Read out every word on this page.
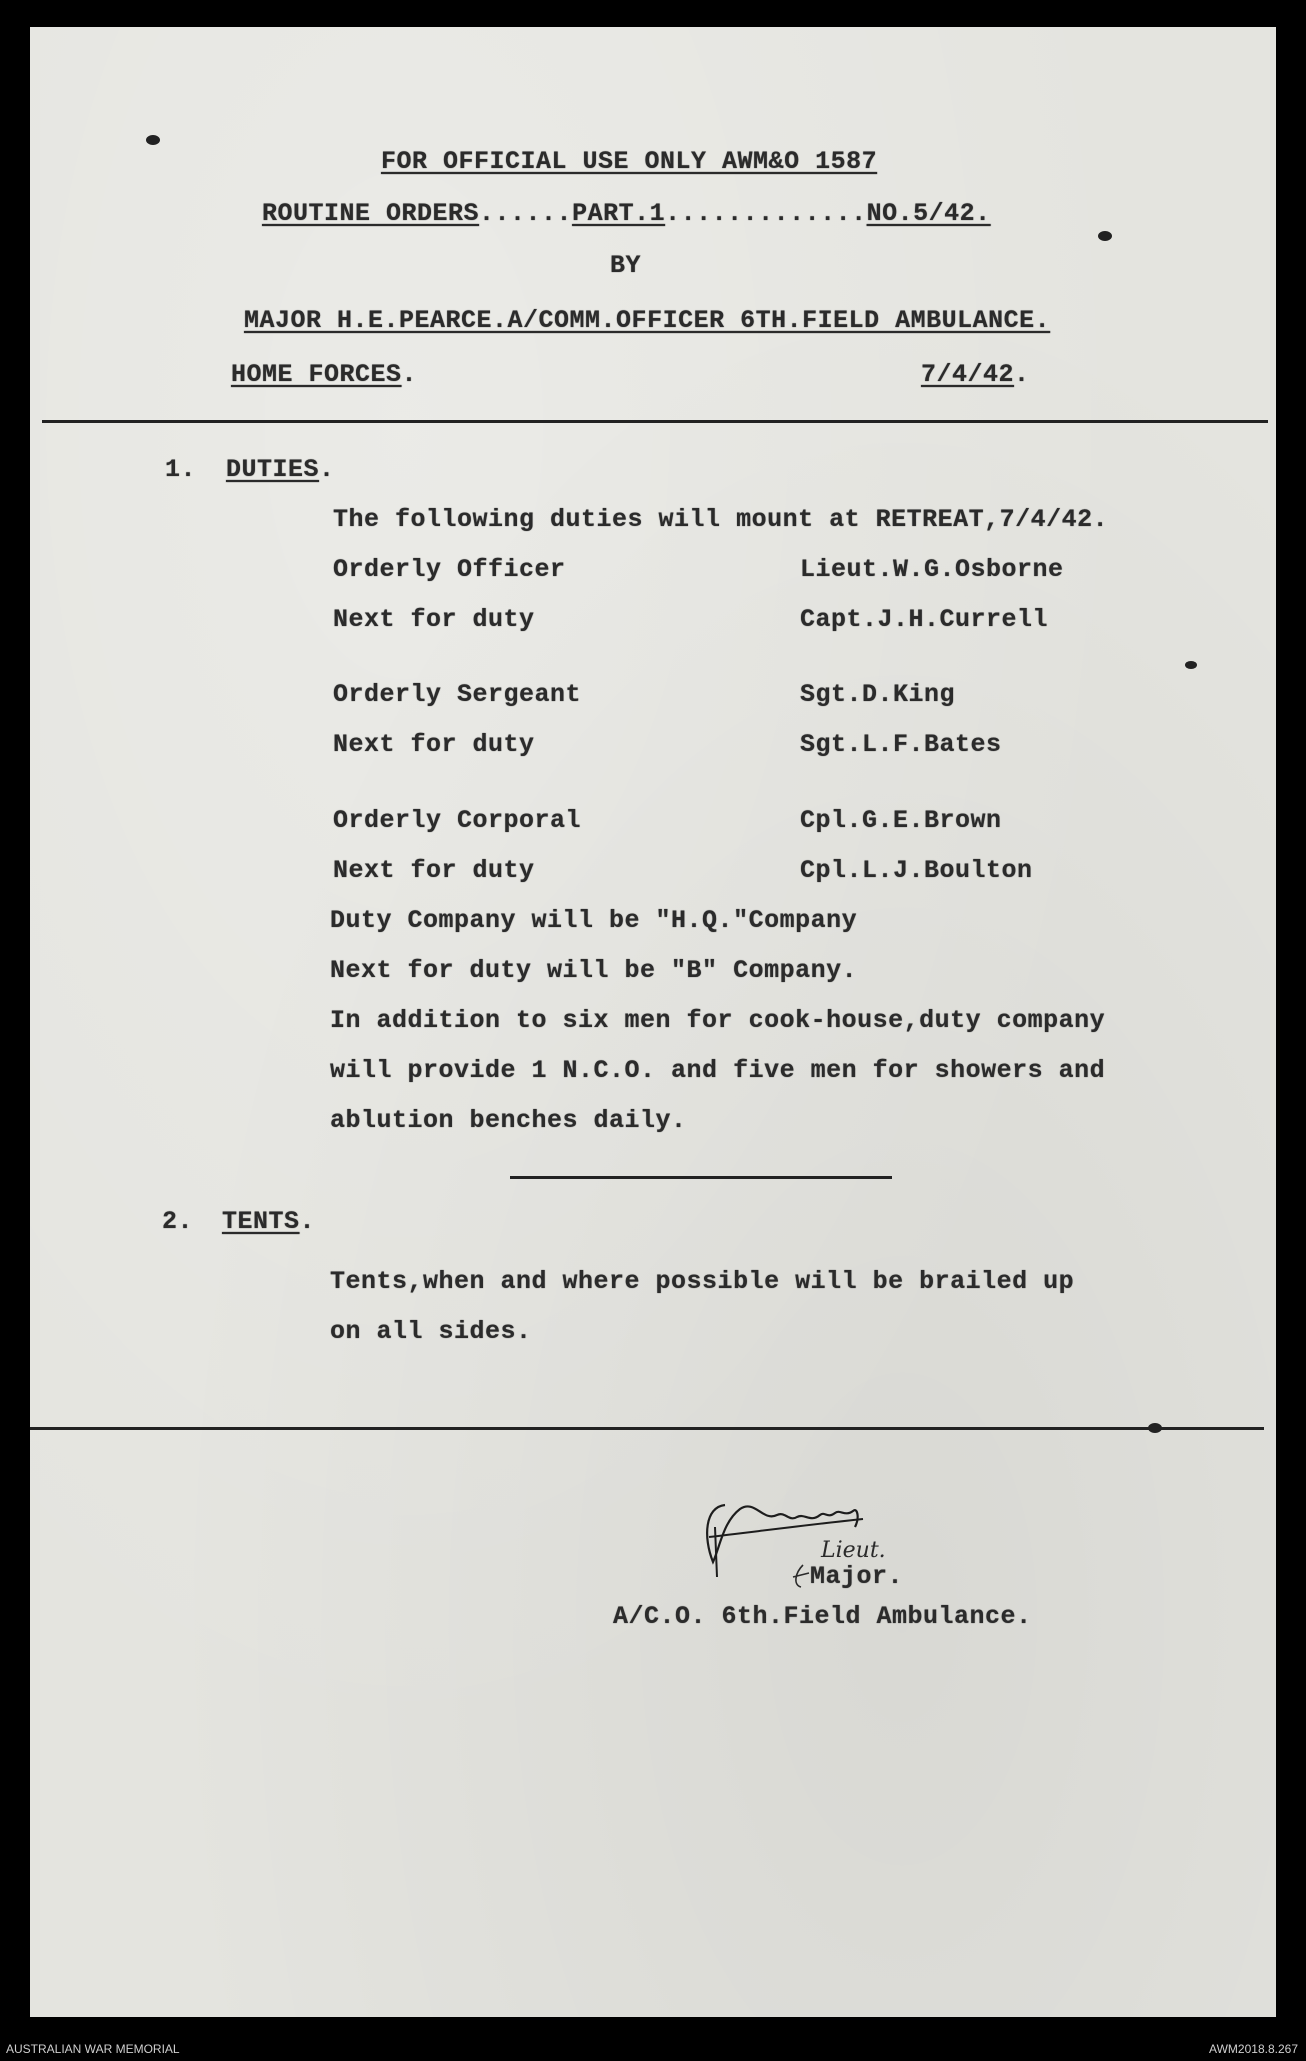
FOR OFFICIAL USE ONLY AWM&O 1587
ROUTINE ORDERS......PART.1.............NO.5/42.
BY
MAJOR H.E.PEARCE.A/COMM.OFFICER 6TH.FIELD AMBULANCE.
HOME FORCES.	7/4/42.
1. DUTIES.
The following duties will mount at RETREAT,7/4/42.
Orderly Officer	Lieut.W.G.Osborne
Next for duty	Capt.J.H.Currell
Orderly Sergeant	Sgt.D.King
Next for duty	Sgt.L.F.Bates
Orderly Corporal	Cpl.G.E.Brown
Next for duty	Cpl.L.J.Boulton
Duty Company will be "H.Q."Company
Next for duty will be "B" Company.
In addition to six men for cook-house,duty company
will provide 1 N.C.O. and five men for showers and
ablution benches daily.
2. TENTS.
Tents,when and where possible will be brailed up
on all sides.
Lieut.
Major.
A/C.O. 6th.Field Ambulance.
AUSTRALIAN WAR MEMORIAL	AWM2018.8.267
